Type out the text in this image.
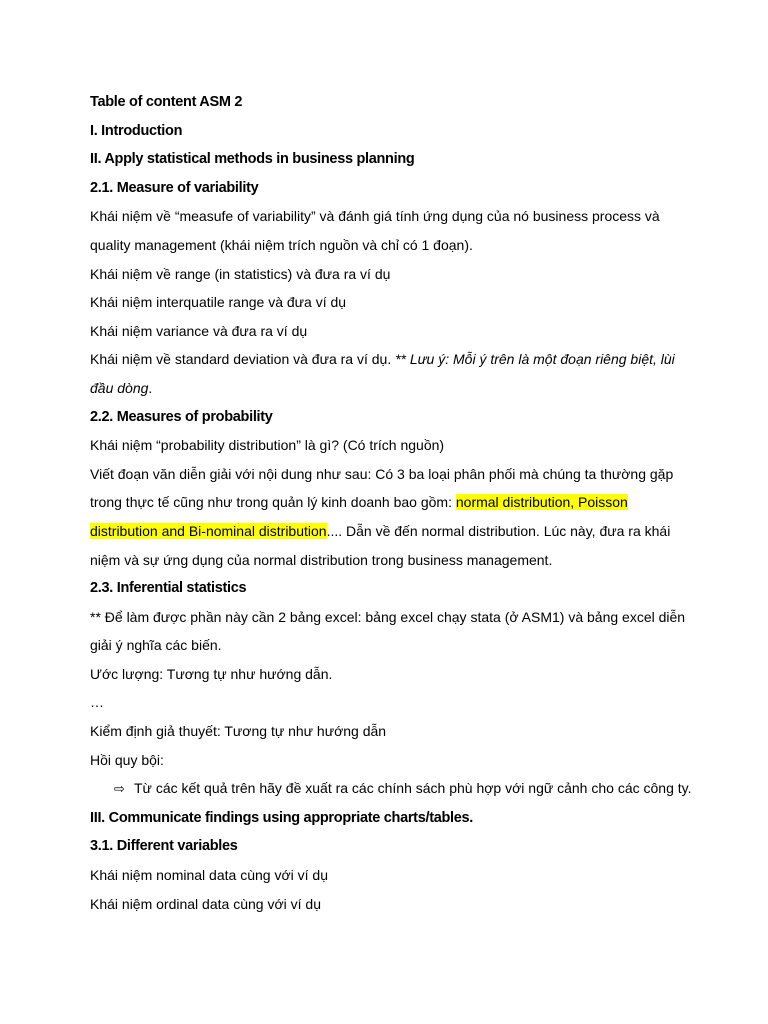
Table of content ASM 2
I. Introduction
II. Apply statistical methods in business planning
2.1. Measure of variability
Khái niệm về “measufe of variability” và đánh giá tính ứng dụng của nó business process và
quality management (khái niệm trích nguồn và chỉ có 1 đoạn).
Khái niệm về range (in statistics) và đưa ra ví dụ
Khái niệm interquatile range và đưa ví dụ
Khái niệm variance và đưa ra ví dụ
Khái niệm về standard deviation và đưa ra ví dụ. ** Lưu ý: Mỗi ý trên là một đoạn riêng biệt, lùi
đầu dòng.
2.2. Measures of probability
Khái niệm “probability distribution” là gì? (Có trích nguồn)
Viết đoạn văn diễn giải với nội dung như sau: Có 3 ba loại phân phối mà chúng ta thường gặp
trong thực tế cũng như trong quản lý kinh doanh bao gồm: normal distribution, Poisson
distribution and Bi-nominal distribution.... Dẫn về đến normal distribution. Lúc này, đưa ra khái
niệm và sự ứng dụng của normal distribution trong business management.
2.3. Inferential statistics
** Để làm được phần này cần 2 bảng excel: bảng excel chạy stata (ở ASM1) và bảng excel diễn
giải ý nghĩa các biến.
Ước lượng: Tương tự như hướng dẫn.
…
Kiểm định giả thuyết: Tương tự như hướng dẫn
Hồi quy bội:
⇨ Từ các kết quả trên hãy đề xuất ra các chính sách phù hợp với ngữ cảnh cho các công ty.
III. Communicate findings using appropriate charts/tables.
3.1. Different variables
Khái niệm nominal data cùng với ví dụ
Khái niệm ordinal data cùng với ví dụ
